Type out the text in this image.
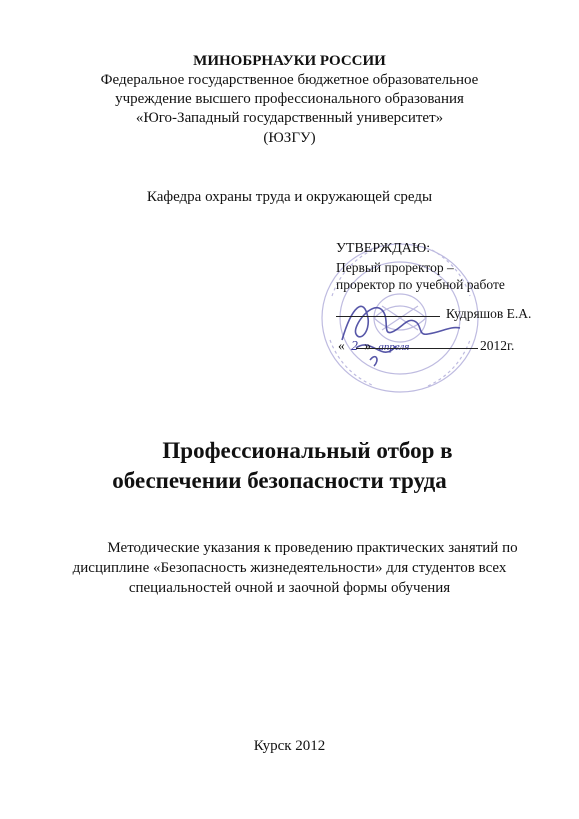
МИНОБРНАУКИ РОССИИ
Федеральное государственное бюджетное образовательное
учреждение высшего профессионального образования
«Юго-Западный государственный университет»
(ЮЗГУ)
Кафедра охраны труда и окружающей среды
УТВЕРЖДАЮ:
Первый проректор –
проректор по учебной работе
Кудряшов Е.А.
« 2 » апреля	2012г.
Профессиональный отбор в
обеспечении безопасности труда
Методические указания к проведению практических занятий по
дисциплине «Безопасность жизнедеятельности» для студентов всех
специальностей очной и заочной формы обучения
Курск 2012
